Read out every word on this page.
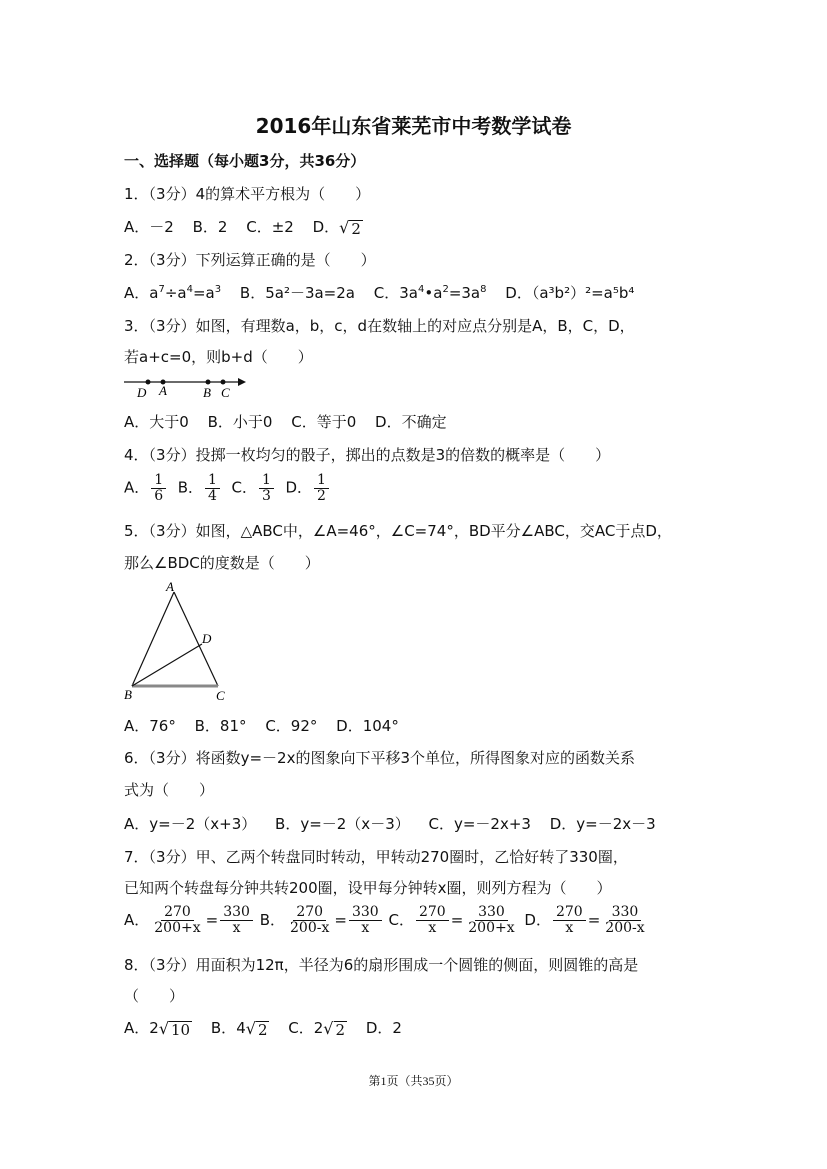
2016年山东省莱芜市中考数学试卷
一、选择题（每小题3分，共36分）
1．（3分）4的算术平方根为（　　）
A．－2 B．2 C．±2 D． √ 2
2．（3分）下列运算正确的是（　　）
A．$a^7\div a^4=a^3$ B．5a²－3a=2a C．$3a^4•a^2=3a^8$ D．（a³b²）²=a⁵b⁴
3．（3分）如图，有理数a，b，c，d在数轴上的对应点分别是A，B，C，D，
若a+c=0，则b+d（　　）
D A	B C
A．大于0 B．小于0 C．等于0 D．不确定
4．（3分）投掷一枚均匀的骰子，掷出的点数是3的倍数的概率是（　　）
A． $\frac{1}{6}$ B． $\frac{1}{4}$ C． $\frac{1}{3}$ D． $\frac{1}{2}$
5．（3分）如图，△ABC中，∠A=46°，∠C=74°，BD平分∠ABC，交AC于点D，
那么∠BDC的度数是（　　）
A
B	C
D
A．76° B．81° C．92° D．104°
6．（3分）将函数y=－2x的图象向下平移3个单位，所得图象对应的函数关系
式为（　　）
A．y=－2（x+3） B．y=－2（x－3） C．y=－2x+3 D．y=－2x－3
7．（3分）甲、乙两个转盘同时转动，甲转动270圈时，乙恰好转了330圈，
已知两个转盘每分钟共转200圈，设甲每分钟转x圈，则列方程为（　　）
A． $\frac{270}{200+x} = \frac{330}{x}$ B． $\frac{270}{200-x} = \frac{330}{x}$ C． $\frac{270}{x} = \frac{330}{200+x}$ D． $\frac{270}{x} = \frac{330}{200-x}$
8．（3分）用面积为12π，半径为6的扇形围成一个圆锥的侧面，则圆锥的高是
（　　）
A．2 √ 10 B．4 √ 2 C．2 √ 2 D．2
第1页（共35页）
